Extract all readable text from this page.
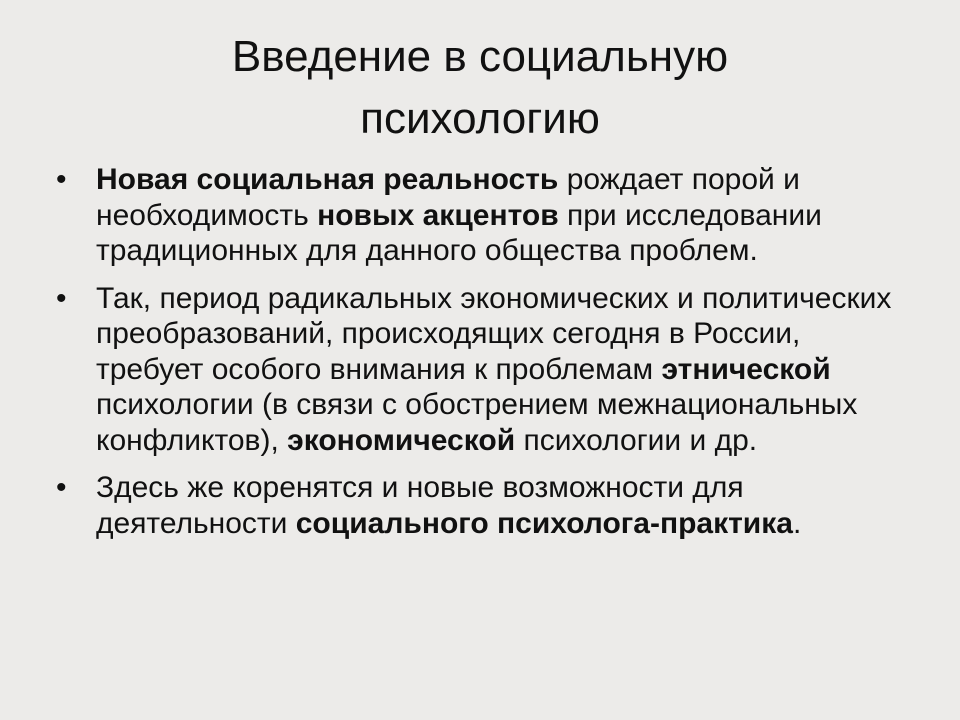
Введение в социальную
психологию
• Новая социальная реальность рождает порой и необходимость новых акцентов при исследовании традиционных для данного общества проблем.
• Так, период радикальных экономических и политических преобразований, происходящих сегодня в России, требует особого внимания к проблемам этнической психологии (в связи с обострением межнациональных конфликтов), экономической психологии и др.
• Здесь же коренятся и новые возможности для деятельности социального психолога-практика.
